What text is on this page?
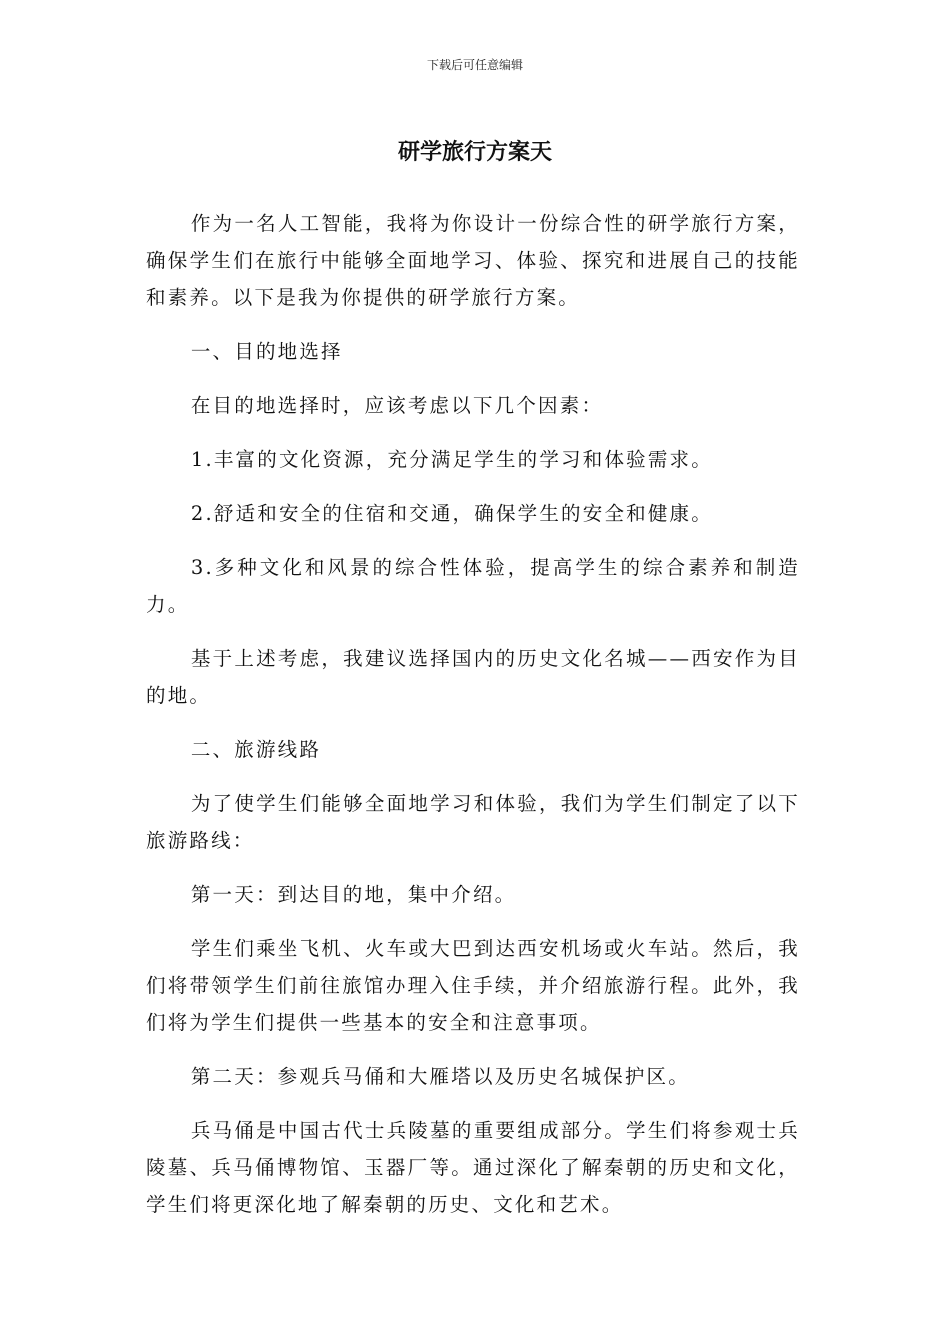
下载后可任意编辑
研学旅行方案天

作为一名人工智能，我将为你设计一份综合性的研学旅行方案，确保学生们在旅行中能够全面地学习、体验、探究和进展自己的技能和素养。以下是我为你提供的研学旅行方案。

一、目的地选择

在目的地选择时，应该考虑以下几个因素：

1.丰富的文化资源，充分满足学生的学习和体验需求。

2.舒适和安全的住宿和交通，确保学生的安全和健康。

3.多种文化和风景的综合性体验，提高学生的综合素养和制造力。

基于上述考虑，我建议选择国内的历史文化名城——西安作为目的地。

二、旅游线路

为了使学生们能够全面地学习和体验，我们为学生们制定了以下旅游路线：

第一天：到达目的地，集中介绍。

学生们乘坐飞机、火车或大巴到达西安机场或火车站。然后，我们将带领学生们前往旅馆办理入住手续，并介绍旅游行程。此外，我们将为学生们提供一些基本的安全和注意事项。

第二天：参观兵马俑和大雁塔以及历史名城保护区。

兵马俑是中国古代士兵陵墓的重要组成部分。学生们将参观士兵陵墓、兵马俑博物馆、玉器厂等。通过深化了解秦朝的历史和文化，学生们将更深化地了解秦朝的历史、文化和艺术。
